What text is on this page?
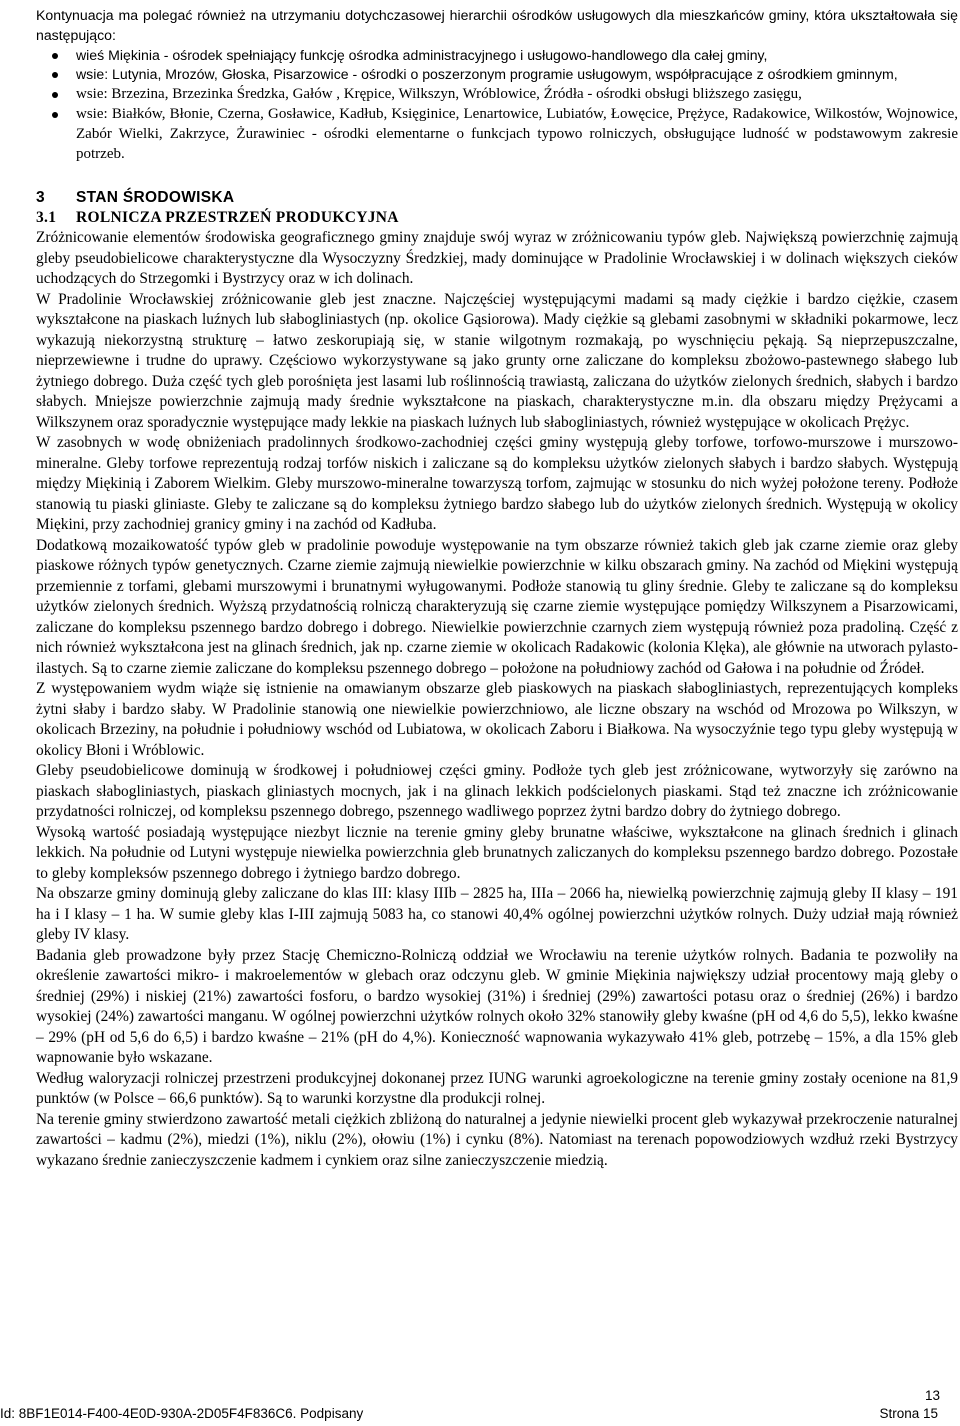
Kontynuacja ma polegać również na utrzymaniu dotychczasowej hierarchii ośrodków usługowych dla mieszkańców gminy, która ukształtowała się następująco:

wieś Miękinia - ośrodek spełniający funkcję ośrodka administracyjnego i usługowo-handlowego dla całej gminy,
wsie: Lutynia, Mrozów, Głoska, Pisarzowice - ośrodki o poszerzonym programie usługowym, współpracujące z ośrodkiem gminnym,
wsie: Brzezina, Brzezinka Średzka, Gałów , Krępice, Wilkszyn, Wróblowice, Źródła - ośrodki obsługi bliższego zasięgu,
wsie: Białków, Błonie, Czerna, Gosławice, Kadłub, Księginice, Lenartowice, Lubiatów, Łowęcice, Prężyce, Radakowice, Wilkostów, Wojnowice, Zabór Wielki, Zakrzyce, Żurawiniec - ośrodki elementarne o funkcjach typowo rolniczych, obsługujące ludność w podstawowym zakresie potrzeb.
3 STAN ŚRODOWISKA
3.1 ROLNICZA PRZESTRZEŃ PRODUKCYJNA

Zróżnicowanie elementów środowiska geograficznego gminy znajduje swój wyraz w zróżnicowaniu typów gleb. Największą powierzchnię zajmują gleby pseudobielicowe charakterystyczne dla Wysoczyzny Średzkiej, mady dominujące w Pradolinie Wrocławskiej i w dolinach większych cieków uchodzących do Strzegomki i Bystrzycy oraz w ich dolinach.

W Pradolinie Wrocławskiej zróżnicowanie gleb jest znaczne. Najczęściej występującymi madami są mady ciężkie i bardzo ciężkie, czasem wykształcone na piaskach luźnych lub słabogliniastych (np. okolice Gąsiorowa). Mady ciężkie są glebami zasobnymi w składniki pokarmowe, lecz wykazują niekorzystną strukturę – łatwo zeskorupiają się, w stanie wilgotnym rozmakają, po wyschnięciu pękają. Są nieprzepuszczalne, nieprzewiewne i trudne do uprawy. Częściowo wykorzystywane są jako grunty orne zaliczane do kompleksu zbożowo-pastewnego słabego lub żytniego dobrego. Duża część tych gleb porośnięta jest lasami lub roślinnością trawiastą, zaliczana do użytków zielonych średnich, słabych i bardzo słabych. Mniejsze powierzchnie zajmują mady średnie wykształcone na piaskach, charakterystyczne m.in. dla obszaru między Prężycami a Wilkszynem oraz sporadycznie występujące mady lekkie na piaskach luźnych lub słabogliniastych, również występujące w okolicach Prężyc.

W zasobnych w wodę obniżeniach pradolinnych środkowo-zachodniej części gminy występują gleby torfowe, torfowo-murszowe i murszowo-mineralne. Gleby torfowe reprezentują rodzaj torfów niskich i zaliczane są do kompleksu użytków zielonych słabych i bardzo słabych. Występują między Miękinią i Zaborem Wielkim. Gleby murszowo-mineralne towarzyszą torfom, zajmując w stosunku do nich wyżej położone tereny. Podłoże stanowią tu piaski gliniaste. Gleby te zaliczane są do kompleksu żytniego bardzo słabego lub do użytków zielonych średnich. Występują w okolicy Miękini, przy zachodniej granicy gminy i na zachód od Kadłuba.

Dodatkową mozaikowatość typów gleb w pradolinie powoduje występowanie na tym obszarze również takich gleb jak czarne ziemie oraz gleby piaskowe różnych typów genetycznych. Czarne ziemie zajmują niewielkie powierzchnie w kilku obszarach gminy. Na zachód od Miękini występują przemiennie z torfami, glebami murszowymi i brunatnymi wyługowanymi. Podłoże stanowią tu gliny średnie. Gleby te zaliczane są do kompleksu użytków zielonych średnich. Wyższą przydatnością rolniczą charakteryzują się czarne ziemie występujące pomiędzy Wilkszynem a Pisarzowicami, zaliczane do kompleksu pszennego bardzo dobrego i dobrego. Niewielkie powierzchnie czarnych ziem występują również poza pradoliną. Część z nich również wykształcona jest na glinach średnich, jak np. czarne ziemie w okolicach Radakowic (kolonia Klęka), ale głównie na utworach pylasto-ilastych. Są to czarne ziemie zaliczane do kompleksu pszennego dobrego – położone na południowy zachód od Gałowa i na południe od Źródeł.

Z występowaniem wydm wiąże się istnienie na omawianym obszarze gleb piaskowych na piaskach słabogliniastych, reprezentujących kompleks żytni słaby i bardzo słaby. W Pradolinie stanowią one niewielkie powierzchniowo, ale liczne obszary na wschód od Mrozowa po Wilkszyn, w okolicach Brzeziny, na południe i południowy wschód od Lubiatowa, w okolicach Zaboru i Białkowa. Na wysoczyźnie tego typu gleby występują w okolicy Błoni i Wróblowic.

Gleby pseudobielicowe dominują w środkowej i południowej części gminy. Podłoże tych gleb jest zróżnicowane, wytworzyły się zarówno na piaskach słabogliniastych, piaskach gliniastych mocnych, jak i na glinach lekkich podścielonych piaskami. Stąd też znaczne ich zróżnicowanie przydatności rolniczej, od kompleksu pszennego dobrego, pszennego wadliwego poprzez żytni bardzo dobry do żytniego dobrego.

Wysoką wartość posiadają występujące niezbyt licznie na terenie gminy gleby brunatne właściwe, wykształcone na glinach średnich i glinach lekkich. Na południe od Lutyni występuje niewielka powierzchnia gleb brunatnych zaliczanych do kompleksu pszennego bardzo dobrego. Pozostałe to gleby kompleksów pszennego dobrego i żytniego bardzo dobrego.

Na obszarze gminy dominują gleby zaliczane do klas III: klasy IIIb – 2825 ha, IIIa – 2066 ha, niewielką powierzchnię zajmują gleby II klasy – 191 ha i I klasy – 1 ha. W sumie gleby klas I-III zajmują 5083 ha, co stanowi 40,4% ogólnej powierzchni użytków rolnych. Duży udział mają również gleby IV klasy.

Badania gleb prowadzone były przez Stację Chemiczno-Rolniczą oddział we Wrocławiu na terenie użytków rolnych. Badania te pozwoliły na określenie zawartości mikro- i makroelementów w glebach oraz odczynu gleb. W gminie Miękinia największy udział procentowy mają gleby o średniej (29%) i niskiej (21%) zawartości fosforu, o bardzo wysokiej (31%) i średniej (29%) zawartości potasu oraz o średniej (26%) i bardzo wysokiej (24%) zawartości manganu. W ogólnej powierzchni użytków rolnych około 32% stanowiły gleby kwaśne (pH od 4,6 do 5,5), lekko kwaśne – 29% (pH od 5,6 do 6,5) i bardzo kwaśne – 21% (pH do 4,%). Konieczność wapnowania wykazywało 41% gleb, potrzebę – 15%, a dla 15% gleb wapnowanie było wskazane.

Według waloryzacji rolniczej przestrzeni produkcyjnej dokonanej przez IUNG warunki agroekologiczne na terenie gminy zostały ocenione na 81,9 punktów (w Polsce – 66,6 punktów). Są to warunki korzystne dla produkcji rolnej.

Na terenie gminy stwierdzono zawartość metali ciężkich zbliżoną do naturalnej a jedynie niewielki procent gleb wykazywał przekroczenie naturalnej zawartości – kadmu (2%), miedzi (1%), niklu (2%), ołowiu (1%) i cynku (8%). Natomiast na terenach popowodziowych wzdłuż rzeki Bystrzycy wykazano średnie zanieczyszczenie kadmem i cynkiem oraz silne zanieczyszczenie miedzią.

13
Id: 8BF1E014-F400-4E0D-930A-2D05F4F836C6. Podpisany	Strona 15
